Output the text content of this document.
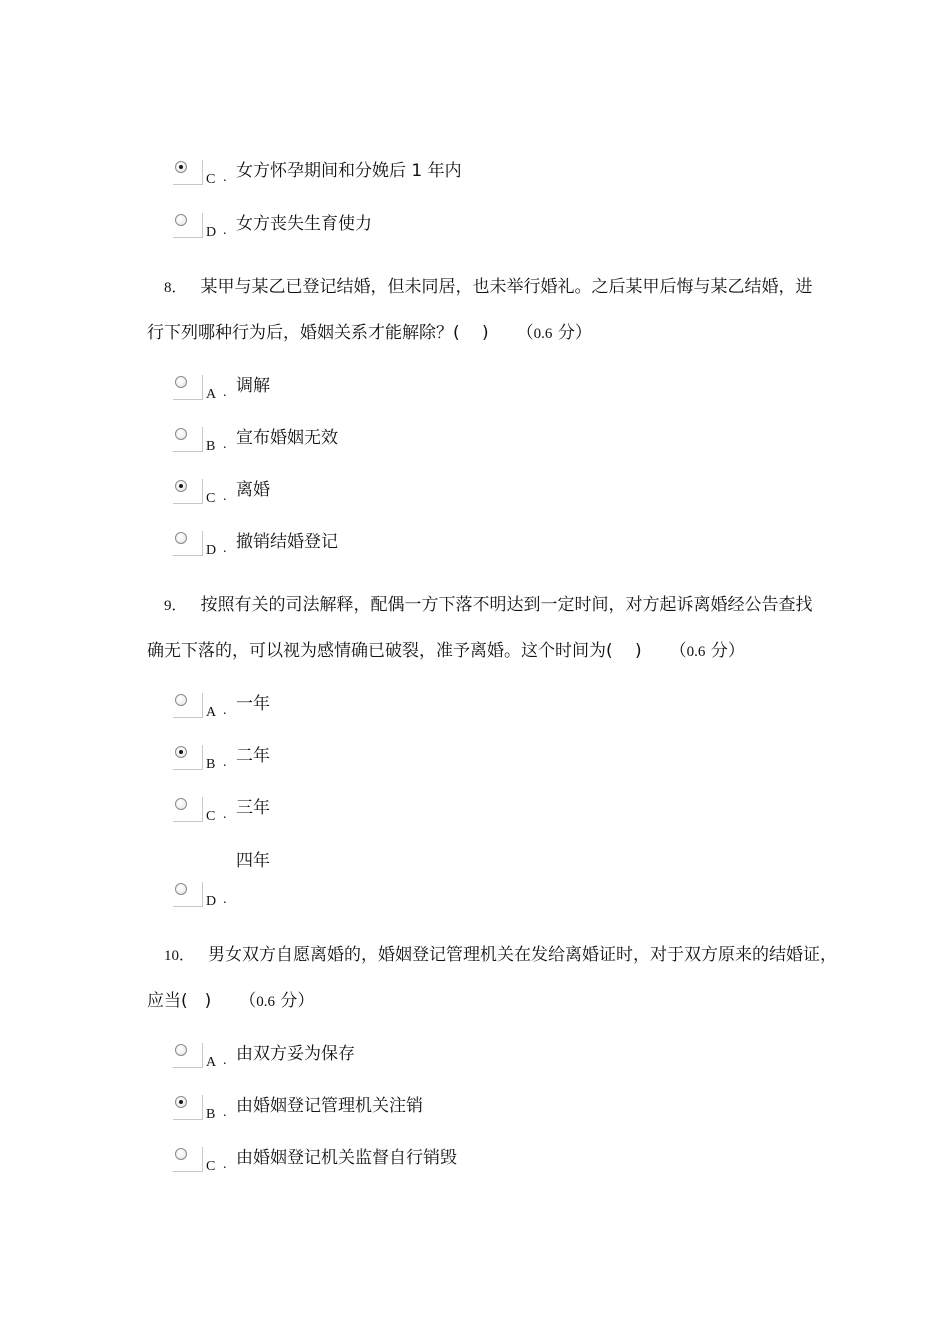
C . 女方怀孕期间和分娩后 1 年内
D . 女方丧失生育使力
8． 某甲与某乙已登记结婚，但未同居，也未举行婚礼。之后某甲后悔与某乙结婚，进
行下列哪种行为后，婚姻关系才能解除？(　 ) （0.6 分）
A . 调解
B . 宣布婚姻无效
C . 离婚
D . 撤销结婚登记
9． 按照有关的司法解释，配偶一方下落不明达到一定时间，对方起诉离婚经公告查找
确无下落的，可以视为感情确已破裂，准予离婚。这个时间为(　 ) （0.6 分）
A . 一年
B . 二年
C . 三年
四年
D .
10． 男女双方自愿离婚的，婚姻登记管理机关在发给离婚证时，对于双方原来的结婚证，
应当(　) （0.6 分）
A . 由双方妥为保存
B . 由婚姻登记管理机关注销
C . 由婚姻登记机关监督自行销毁
